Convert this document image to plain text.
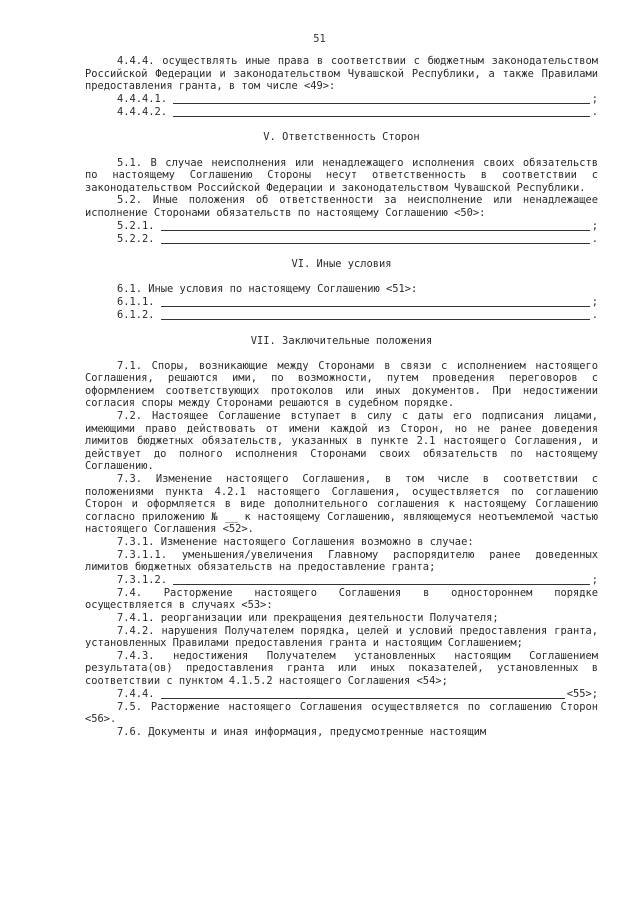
51

4.4.4. осуществлять иные права в соответствии с бюджетным законодательством Российской Федерации и законодательством Чувашской Республики, а также Правилами предоставления гранта, в том числе <49>:

4.4.4.1.	;
4.4.4.2.	.

V. Ответственность Сторон

5.1. В случае неисполнения или ненадлежащего исполнения своих обязательств по настоящему Соглашению Стороны несут ответственность в соответствии с законодательством Российской Федерации и законодательством Чувашской Республики.

5.2. Иные положения об ответственности за неисполнение или ненадлежащее исполнение Сторонами обязательств по настоящему Соглашению <50>:

5.2.1.	;
5.2.2.	.

VI. Иные условия

6.1. Иные условия по настоящему Соглашению <51>:

6.1.1.	;
6.1.2.	.

VII. Заключительные положения

7.1. Споры, возникающие между Сторонами в связи с исполнением настоящего Соглашения, решаются ими, по возможности, путем проведения переговоров с оформлением соответствующих протоколов или иных документов. При недостижении согласия споры между Сторонами решаются в судебном порядке.

7.2. Настоящее Соглашение вступает в силу с даты его подписания лицами, имеющими право действовать от имени каждой из Сторон, но не ранее доведения лимитов бюджетных обязательств, указанных в пункте 2.1 настоящего Соглашения, и действует до полного исполнения Сторонами своих обязательств по настоящему Соглашению.

7.3. Изменение настоящего Соглашения, в том числе в соответствии с положениями пункта 4.2.1 настоящего Соглашения, осуществляется по соглашению Сторон и оформляется в виде дополнительного соглашения к настоящему Соглашению согласно приложению № __ к настоящему Соглашению, являющемуся неотъемлемой частью настоящего Соглашения <52>.

7.3.1. Изменение настоящего Соглашения возможно в случае:

7.3.1.1. уменьшения/увеличения Главному распорядителю ранее доведенных лимитов бюджетных обязательств на предоставление гранта;

7.3.1.2.	;

7.4. Расторжение настоящего Соглашения в одностороннем порядке осуществляется в случаях <53>:

7.4.1. реорганизации или прекращения деятельности Получателя;

7.4.2. нарушения Получателем порядка, целей и условий предоставления гранта, установленных Правилами предоставления гранта и настоящим Соглашением;

7.4.3. недостижения Получателем установленных настоящим Соглашением результата(ов) предоставления гранта или иных показателей, установленных в соответствии с пунктом 4.1.5.2 настоящего Соглашения <54>;

7.4.4.	<55>;

7.5. Расторжение настоящего Соглашения осуществляется по соглашению Сторон <56>.

7.6. Документы и иная информация, предусмотренные настоящим
